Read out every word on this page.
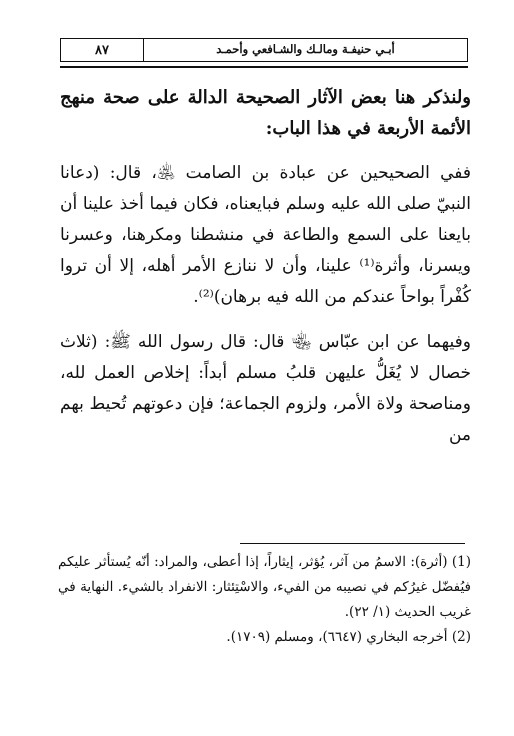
أبـي حنيفـة ومالـك والشـافعي وأحمـد
٨٧

ولنذكر هنا بعض الآثار الصحيحة الدالة على صحة منهج الأئمة الأربعة في هذا الباب:

ففي الصحيحين عن عبادة بن الصامت ﵁، قال: (دعانا النبيّ صلى الله عليه وسلم فبايعناه، فكان فيما أخذ علينا أن بايعنا على السمع والطاعة في منشطنا ومكرهنا، وعسرنا ويسرنا، وأثرة⁽¹⁾ علينا، وأن لا ننازع الأمر أهله، إلا أن تروا كُفْراً بواحاً عندكم من الله فيه برهان)⁽²⁾.

وفيهما عن ابن عبّاس ﵄ قال: قال رسول الله ﷺ: (ثلاث خصال لا يُغَلُّ عليهن قلبُ مسلم أبداً: إخلاص العمل لله، ومناصحة ولاة الأمر، ولزوم الجماعة؛ فإن دعوتهم تُحيط بهم من

(1) (أثرة): الاسمُ من آثر، يُؤثر، إيثاراً، إذا أعطى، والمراد: أنّه يُستأثر عليكم فيُفضّل غيرُكم في نصيبه من الفيء، والاسْتِئثار: الانفراد بالشيء. النهاية في غريب الحديث (١/ ٢٢).

(2) أخرجه البخاري (٦٦٤٧)، ومسلم (١٧٠٩).
